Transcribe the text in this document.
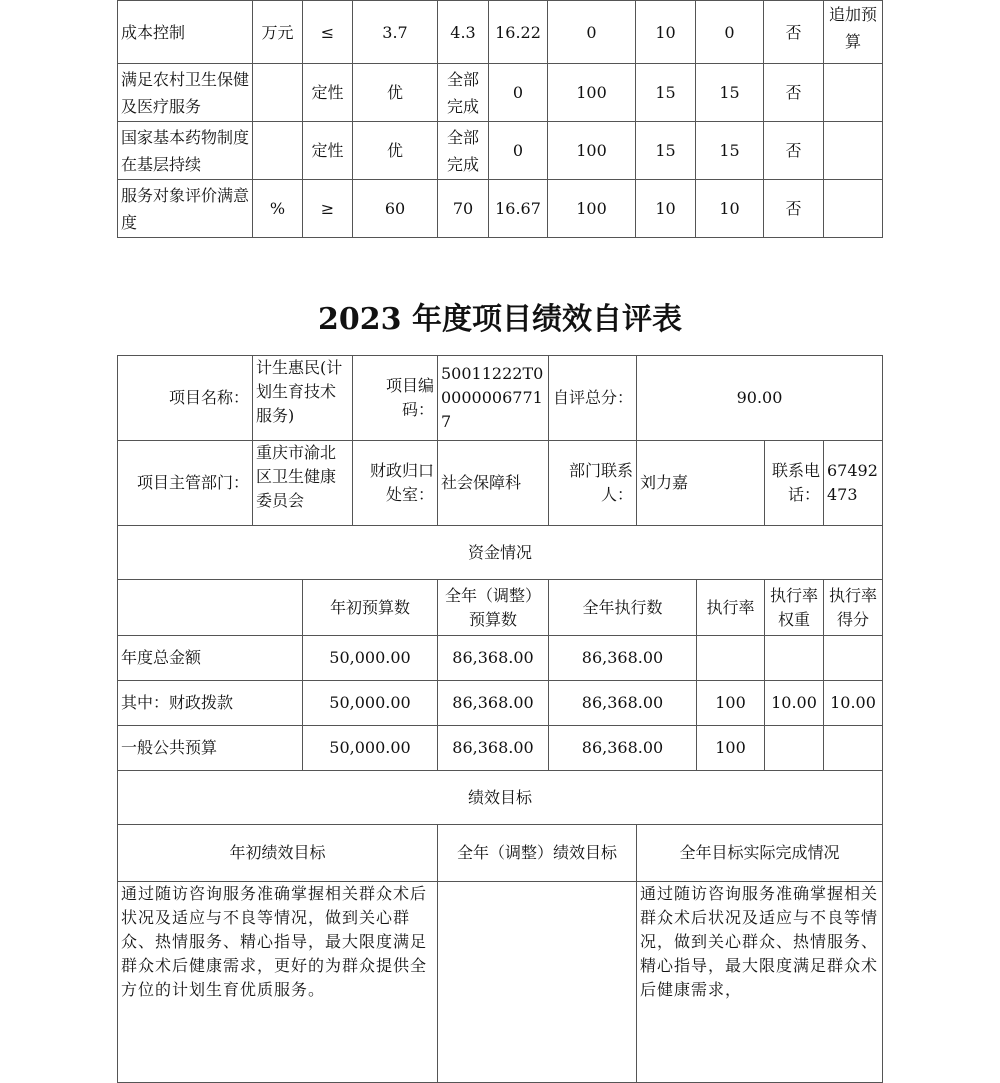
成本控制	万元	≤	3.7	4.3	16.22	0	10	0	否	追加预算
满足农村卫生保健及医疗服务		定性	优	全部完成	0	100	15	15	否	
国家基本药物制度在基层持续		定性	优	全部完成	0	100	15	15	否	
服务对象评价满意度	%	≥	60	70	16.67	100	10	10	否	
2023 年度项目绩效自评表
项目名称：	计生惠民(计划生育技术服务)		项目编码：	50011222T000000067717	自评总分：	90.00			
项目主管部门：	重庆市渝北区卫生健康委员会		财政归口处室：	社会保障科	部门联系人：	刘力嘉		联系电话：	67492473
资金情况									
		年初预算数		全年（调整）预算数	全年执行数		执行率	执行率权重	执行率得分
年度总金额		50,000.00		86,368.00	86,368.00				
其中：财政拨款		50,000.00		86,368.00	86,368.00		100	10.00	10.00
一般公共预算		50,000.00		86,368.00	86,368.00		100		
绩效目标									
年初绩效目标				全年（调整）绩效目标		全年目标实际完成情况			
通过随访咨询服务准确掌握相关群众术后状况及适应与不良等情况，做到关心群众、热情服务、精心指导，最大限度满足群众术后健康需求，更好的为群众提供全方位的计划生育优质服务。						通过随访咨询服务准确掌握相关群众术后状况及适应与不良等情况，做到关心群众、热情服务、精心指导，最大限度满足群众术后健康需求，			
